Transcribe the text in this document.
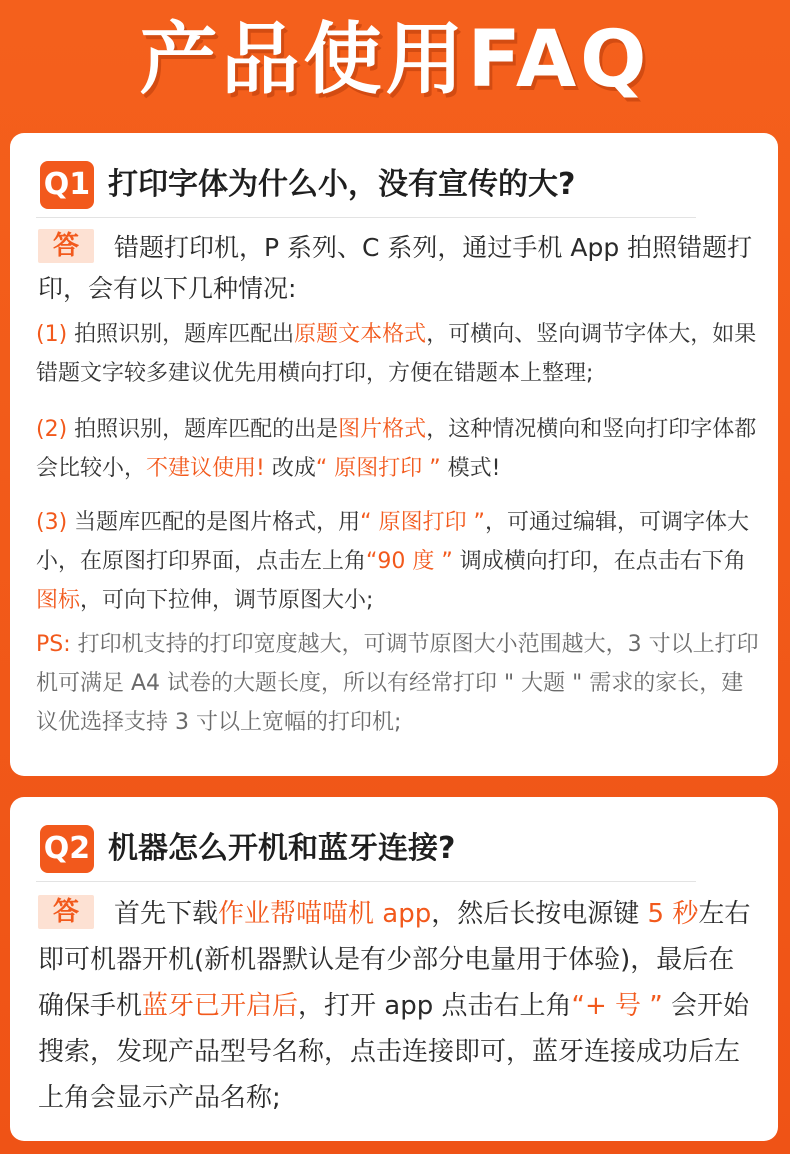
产品使用FAQ
Q1 打印字体为什么小，没有宣传的大?
答 错题打印机，P 系列、C 系列，通过手机 App 拍照错题打印，会有以下几种情况:
(1) 拍照识别，题库匹配出原题文本格式，可横向、竖向调节字体大，如果错题文字较多建议优先用横向打印，方便在错题本上整理;
(2) 拍照识别，题库匹配的出是图片格式，这种情况横向和竖向打印字体都会比较小，不建议使用! 改成“ 原图打印 ” 模式!
(3) 当题库匹配的是图片格式，用“ 原图打印 ”，可通过编辑，可调字体大小，在原图打印界面，点击左上角“90 度 ” 调成横向打印，在点击右下角图标，可向下拉伸，调节原图大小;
PS: 打印机支持的打印宽度越大，可调节原图大小范围越大，3 寸以上打印机可满足 A4 试卷的大题长度，所以有经常打印 " 大题 " 需求的家长，建议优选择支持 3 寸以上宽幅的打印机;
Q2 机器怎么开机和蓝牙连接?
答 首先下载作业帮喵喵机 app，然后长按电源键 5 秒左右即可机器开机(新机器默认是有少部分电量用于体验)，最后在确保手机蓝牙已开启后，打开 app 点击右上角“+ 号 ” 会开始搜索，发现产品型号名称，点击连接即可，蓝牙连接成功后左上角会显示产品名称;
